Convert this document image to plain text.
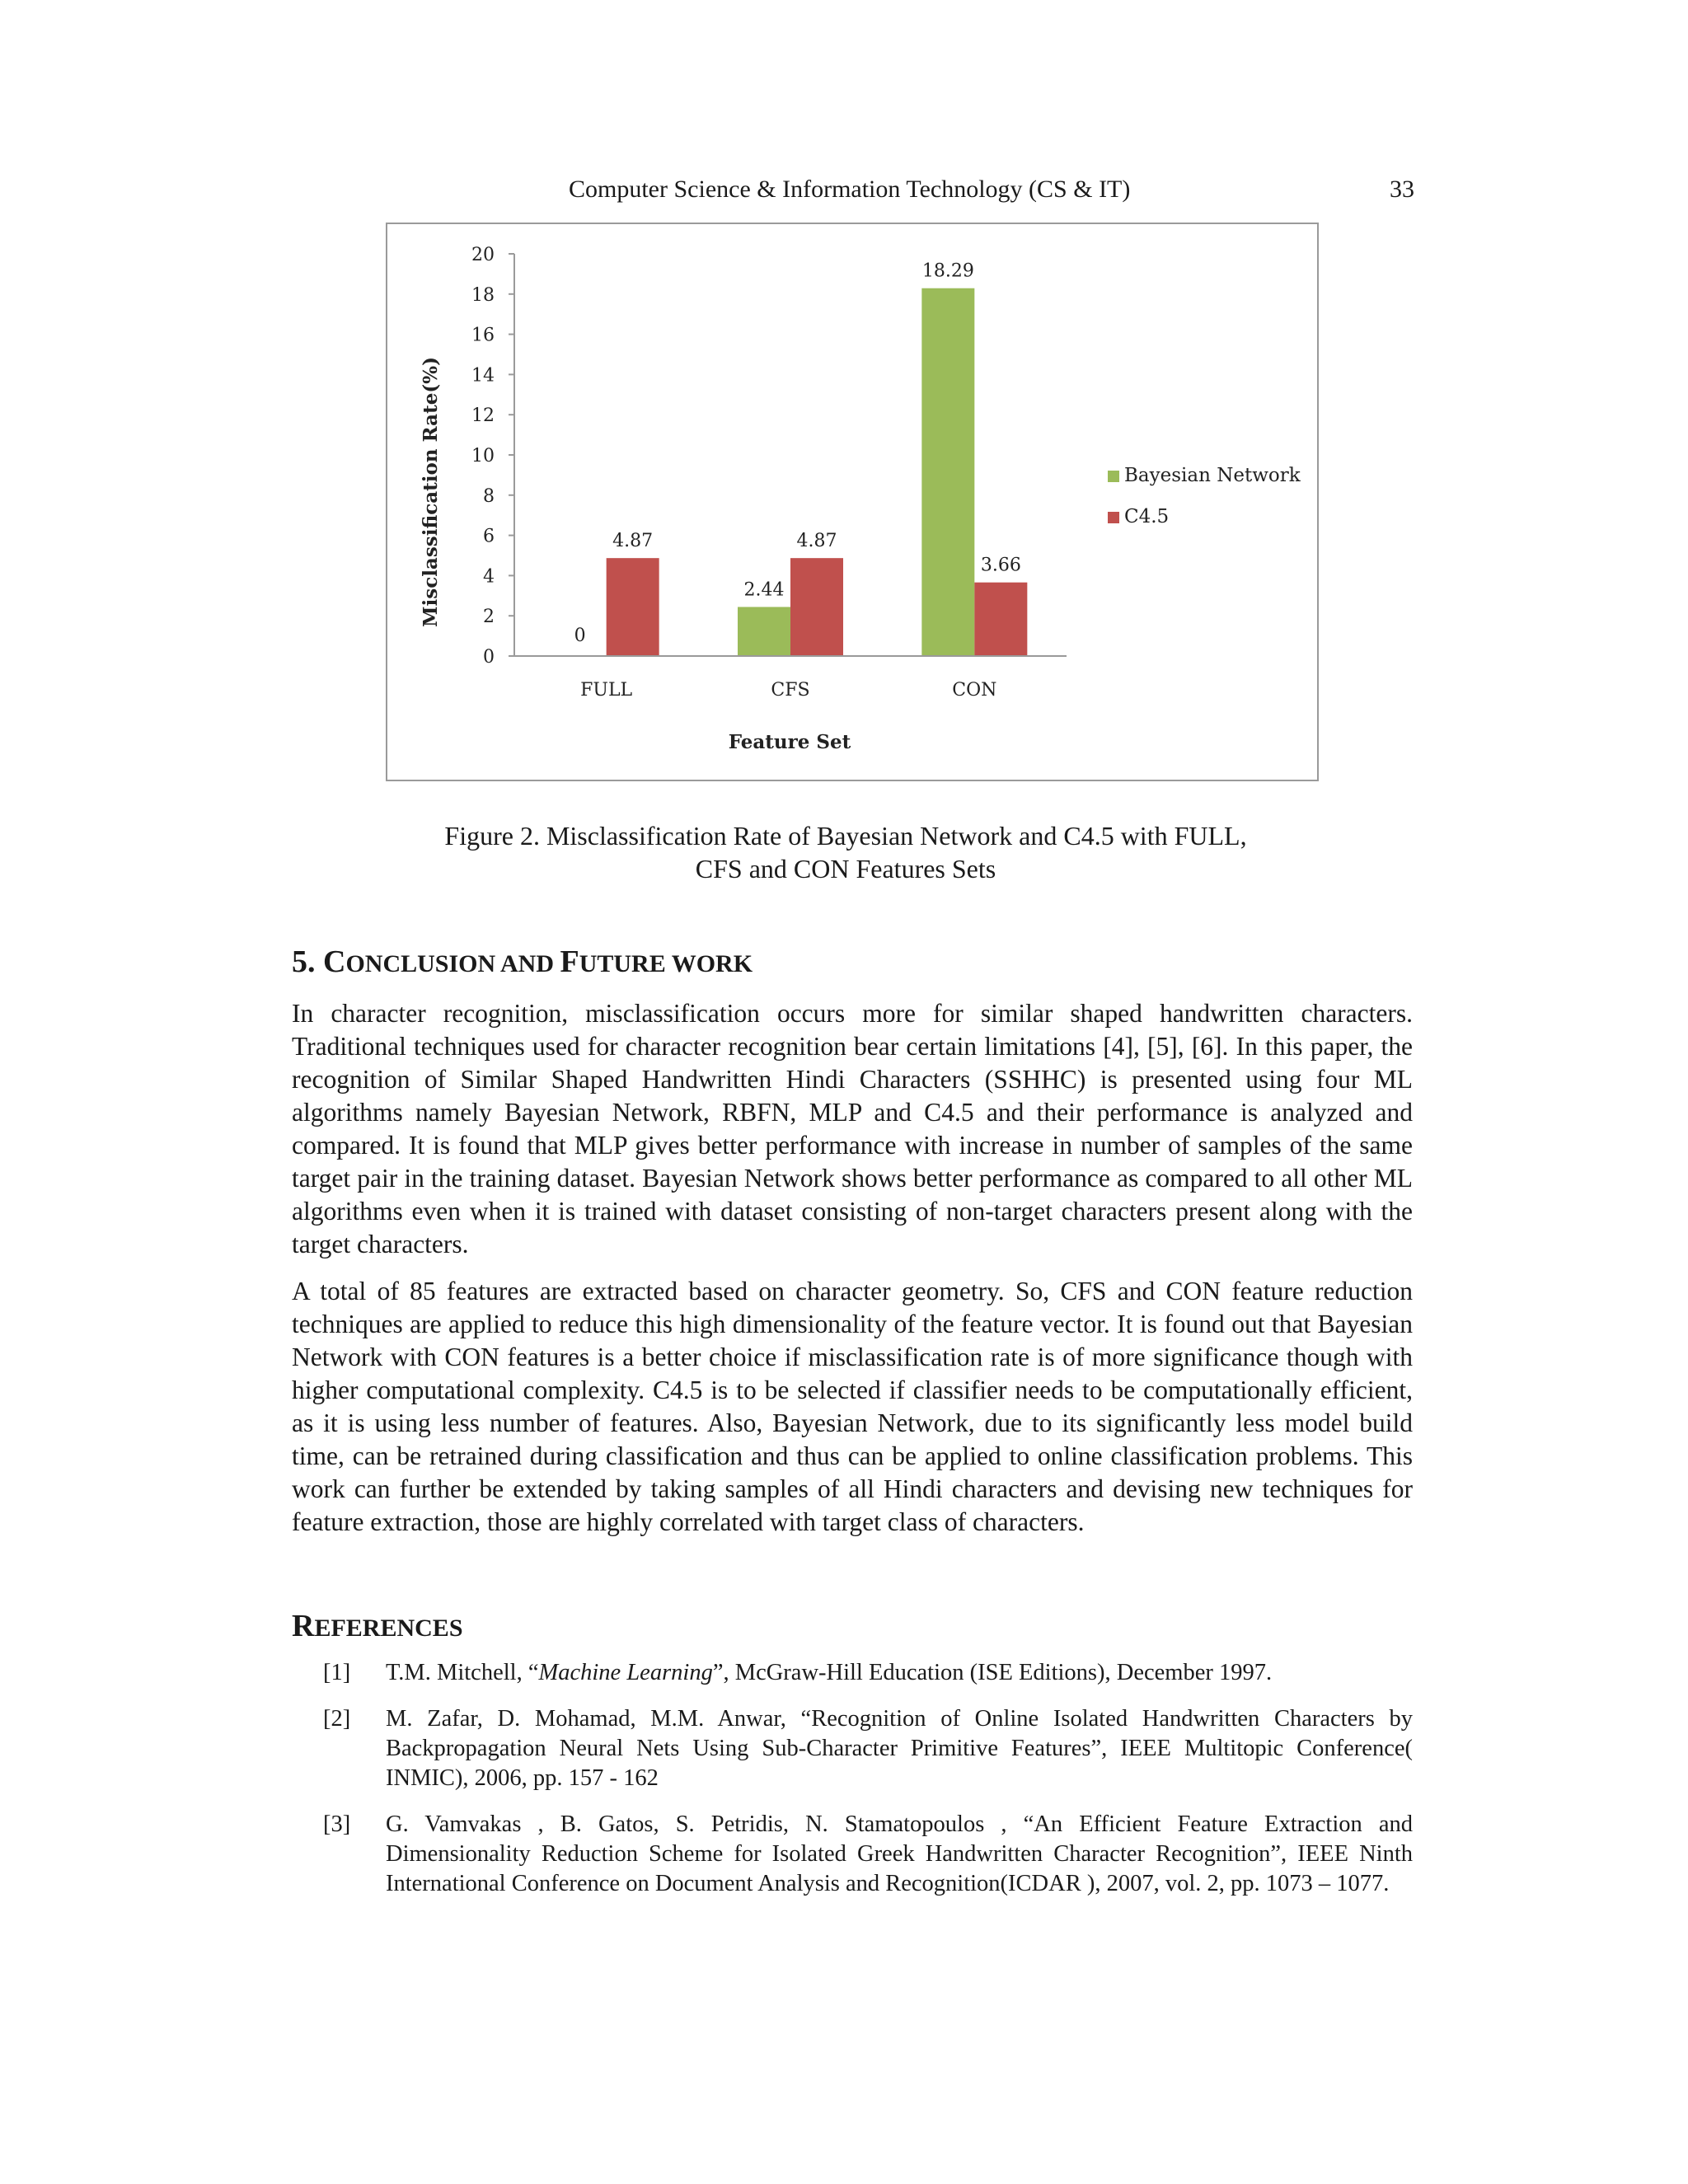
Computer Science & Information Technology (CS & IT)	33
0
2
4
6
8
10
12
14
16
18
20
0
4.87
2.44
4.87
18.29
3.66
FULL	CFS	CON
Bayesian Network
C4.5
Misclassification Rate(%)
Feature Set
Figure 2. Misclassification Rate of Bayesian Network and C4.5 with FULL,
CFS and CON Features Sets
5. CONCLUSION AND FUTURE WORK

In character recognition, misclassification occurs more for similar shaped handwritten characters. Traditional techniques used for character recognition bear certain limitations [4], [5], [6]. In this paper, the recognition of Similar Shaped Handwritten Hindi Characters (SSHHC) is presented using four ML algorithms namely Bayesian Network, RBFN, MLP and C4.5 and their performance is analyzed and compared. It is found that MLP gives better performance with increase in number of samples of the same target pair in the training dataset. Bayesian Network shows better performance as compared to all other ML algorithms even when it is trained with dataset consisting of non-target characters present along with the target characters.

A total of 85 features are extracted based on character geometry. So, CFS and CON feature reduction techniques are applied to reduce this high dimensionality of the feature vector. It is found out that Bayesian Network with CON features is a better choice if misclassification rate is of more significance though with higher computational complexity. C4.5 is to be selected if classifier needs to be computationally efficient, as it is using less number of features. Also, Bayesian Network, due to its significantly less model build time, can be retrained during classification and thus can be applied to online classification problems. This work can further be extended by taking samples of all Hindi characters and devising new techniques for feature extraction, those are highly correlated with target class of characters.

REFERENCES
[1] T.M. Mitchell, “Machine Learning”, McGraw-Hill Education (ISE Editions), December 1997.
[2] M. Zafar, D. Mohamad, M.M. Anwar, “Recognition of Online Isolated Handwritten Characters by Backpropagation Neural Nets Using Sub-Character Primitive Features”, IEEE Multitopic Conference( INMIC), 2006, pp. 157 - 162
[3] G. Vamvakas , B. Gatos, S. Petridis, N. Stamatopoulos , “An Efficient Feature Extraction and Dimensionality Reduction Scheme for Isolated Greek Handwritten Character Recognition”, IEEE Ninth International Conference on Document Analysis and Recognition(ICDAR ), 2007, vol. 2, pp. 1073 – 1077.
